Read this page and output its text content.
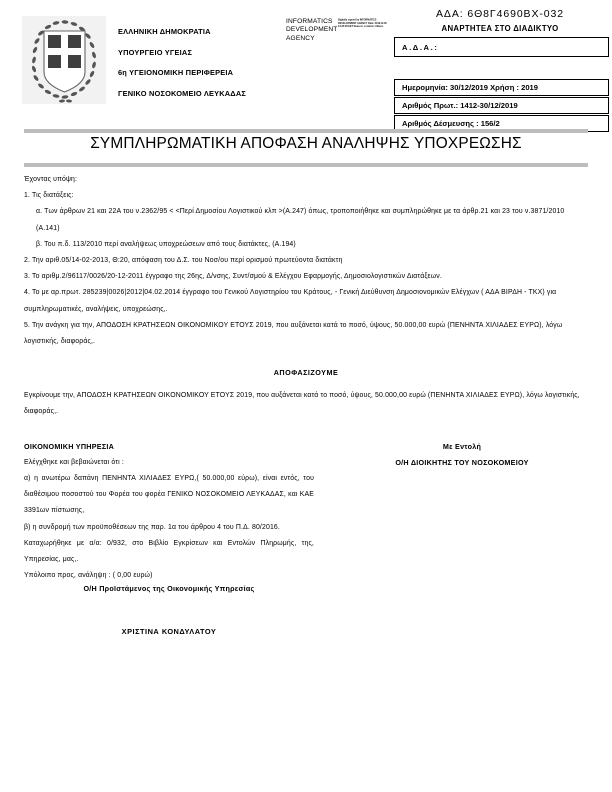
ΕΛΛΗΝΙΚΗ ΔΗΜΟΚΡΑΤΙΑ
ΥΠΟΥΡΓΕΙΟ ΥΓΕΙΑΣ
6η ΥΓΕΙΟΝΟΜΙΚΗ ΠΕΡΙΦΕΡΕΙΑ
ΓΕΝΙΚΟ ΝΟΣΟΚΟΜΕΙΟ ΛΕΥΚΑΔΑΣ
INFORMATICS DEVELOPMENT AGENCY
Digitally signed by INFORMATICS DEVELOPMENT AGENCY Date: 2019.12.30 13:34:28 EET Reason: Location: Athens
ΑΔΑ: 6Θ8Γ4690ΒΧ-032
ΑΝΑΡΤΗΤΕΑ ΣΤΟ ΔΙΑΔΙΚΤΥΟ
Α.Δ.Α.:
Ημερομηνία: 30/12/2019 Χρήση : 2019
Αριθμός Πρωτ.: 1412-30/12/2019
Αριθμός Δέσμευσης : 156/2
ΣΥΜΠΛΗΡΩΜΑΤΙΚΗ ΑΠΟΦΑΣΗ ΑΝΑΛΗΨΗΣ ΥΠΟΧΡΕΩΣΗΣ

Έχοντας υπόψη:

1. Τις διατάξεις:

α. Των άρθρων 21 και 22Α του ν.2362/95 < <Περί Δημοσίου Λογιστικού κλπ >(Α.247) όπως, τροποποιήθηκε και συμπληρώθηκε με τα άρθρ.21 και 23 του ν.3871/2010 (Α.141)

β. Του π.δ. 113/2010 περί αναλήψεως υποχρεώσεων από τους διατάκτες, (Α.194)

2. Την αριθ.05/14-02-2013, Θ:20, απόφαση του Δ.Σ. του Νοσ/ου περί ορισμού πρωτεύοντα διατάκτη

3. Το αριθμ.2/96117/0026/20-12-2011 έγγραφο της 26ης, Δ/νσης, Συντ/σμού & Ελέγχου Εφαρμογής, Δημοσιολογιστικών Διατάξεων.

4. Το με αρ.πρωτ. 285239|0026|2012|04.02.2014 έγγραφο του Γενικού Λογιστηρίου του Κράτους, - Γενική Διεύθυνση Δημοσιονομικών Ελέγχων ( ΑΔΑ ΒΙΡΔΗ - ΤΚΧ) για συμπληρωματικές, αναλήψεις, υποχρεώσης,.

5. Την ανάγκη για την, ΑΠΟΔΟΣΗ ΚΡΑΤΗΣΕΩΝ ΟΙΚΟΝΟΜΙΚΟΥ ΕΤΟΥΣ 2019, που αυξάνεται κατά το ποσό, ύψους, 50.000,00 ευρώ (ΠΕΝΗΝΤΑ ΧΙΛΙΑΔΕΣ ΕΥΡΩ), λόγω λογιστικής, διαφοράς,.

ΑΠΟΦΑΣΙΖΟΥΜΕ

Εγκρίνουμε την, ΑΠΟΔΟΣΗ ΚΡΑΤΗΣΕΩΝ ΟΙΚΟΝΟΜΙΚΟΥ ΕΤΟΥΣ 2019, που αυξάνεται κατά το ποσό, ύψους, 50.000,00 ευρώ (ΠΕΝΗΝΤΑ ΧΙΛΙΑΔΕΣ ΕΥΡΩ), λόγω λογιστικής, διαφοράς,.

ΟΙΚΟΝΟΜΙΚΗ ΥΠΗΡΕΣΙΑ
Ελέγχθηκε και βεβαιώνεται ότι :
α) η ανωτέρω δαπάνη ΠΕΝΗΝΤΑ ΧΙΛΙΑΔΕΣ ΕΥΡΩ,( 50.000,00 εύρω), είναι εντός, του διαθέσιμου ποσοστού του Φορέα του φορέα ΓΕΝΙΚΟ ΝΟΣΟΚΟΜΕΙΟ ΛΕΥΚΑΔΑΣ, και ΚΑΕ 3391ων πίστωσης,
β) η συνδρομή των προϋποθέσεων της παρ. 1α του άρθρου 4 του Π.Δ. 80/2016.
Καταχωρήθηκε με α/α: 0/932, στο Βιβλίο Εγκρίσεων και Εντολών Πληρωμής, της, Υπηρεσίας, μας,.
Υπόλοιπο προς, ανάληψη : ( 0,00 ευρώ)
Ο/Η Προϊστάμενος της Οικονομικής Υπηρεσίας
ΧΡΙΣΤΙΝΑ ΚΟΝΔΥΛΑΤΟΥ
Με Εντολή
Ο/Η ΔΙΟΙΚΗΤΗΣ ΤΟΥ ΝΟΣΟΚΟΜΕΙΟΥ
